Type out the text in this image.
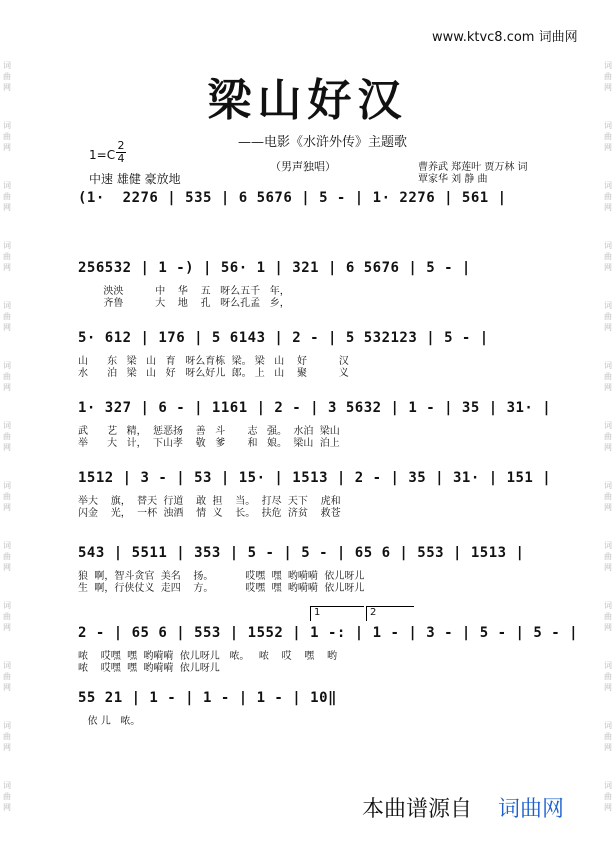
词
曲
网
词
曲
网
词
曲
网
词
曲
网
词
曲
网
词
曲
网
词
曲
网
词
曲
网
词
曲
网
词
曲
网
词
曲
网
词
曲
网
词
曲
网
词
曲
网
词
曲
网
词
曲
网
词
曲
网
词
曲
网
词
曲
网
词
曲
网
词
曲
网
词
曲
网
词
曲
网
词
曲
网
词
曲
网
词
曲
网
www.ktvc8.com 词曲网
梁山好汉
——电影《水浒外传》主题歌
1=C
2
4
中速 雄健 豪放地
（男声独唱）	曹养武 郑莲叶 贾万林 词
覃家华 刘 静 曲
(1·  2276 | 535 | 6 5676 | 5 - | 1· 2276 | 561 |
256532 | 1 -) | 56· 1 | 321 | 6 5676 | 5 - |
泱泱          中    华    五   呀么五千   年，
齐鲁          大    地    孔   呀么孔孟   乡，
5· 612 | 176 | 5 6143 | 2 - | 5 532123 | 5 - |
山      东   梁   山   育   呀么育栋  梁。 梁   山    好          汉
水      泊   梁   山   好   呀么好儿  郎。 上   山    聚          义
1· 327 | 6 - | 1161 | 2 - | 3 5632 | 1 - | 35 | 31· |
武      艺   精，  惩恶扬    善   斗       志   强。  水泊  梁山
举      大   计，  下山孝    敬   爹       和   娘。  梁山  泊上
1512 | 3 - | 53 | 15· | 1513 | 2 - | 35 | 31· | 151 |
举大    旗，  替天  行道    敢  担    当。  打尽  天下    虎和
闪金    光，  一杯  浊酒    情  义    长。  扶危  济贫    救苍
543 | 5511 | 353 | 5 - | 5 - | 65 6 | 553 | 1513 |
狼  啊，智斗贪官  美名    扬。          哎嘿  嘿  哟嗬嗬  依儿呀儿
生  啊，行侠仗义  走四    方。          哎嘿  嘿  哟嗬嗬  依儿呀儿
2 - | 65 6 | 553 | 1552 | 1 -: | 1 - | 3 - | 5 - | 5 - |
哝    哎嘿  嘿  哟嗬嗬  依儿呀儿   哝。   哝    哎    嘿    哟
哝    哎嘿  嘿  哟嗬嗬  依儿呀儿
55 21 | 1 - | 1 - | 1 - | 10‖
依 儿   哝。
1	2
本曲谱源自 词曲网
